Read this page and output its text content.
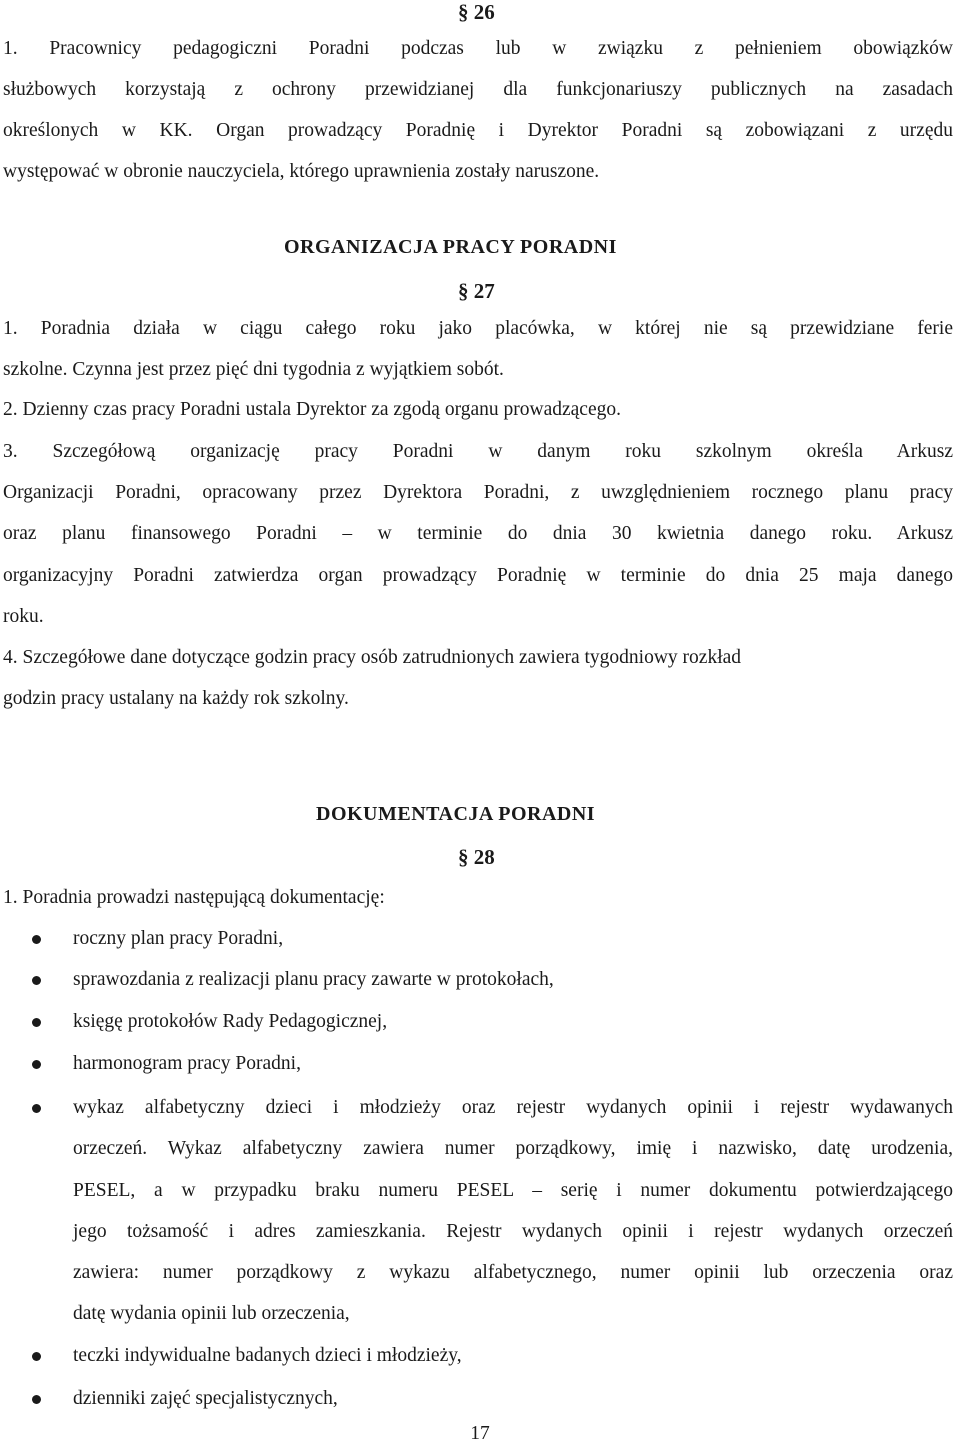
§ 26
1. Pracownicy pedagogiczni Poradni podczas lub w związku z pełnieniem obowiązków
służbowych korzystają z ochrony przewidzianej dla funkcjonariuszy publicznych na zasadach
określonych w KK. Organ prowadzący Poradnię i Dyrektor Poradni są zobowiązani z urzędu
występować w obronie nauczyciela, którego uprawnienia zostały naruszone.
ORGANIZACJA PRACY PORADNI
§ 27
1. Poradnia działa w ciągu całego roku jako placówka, w której nie są przewidziane ferie
szkolne. Czynna jest przez pięć dni tygodnia z wyjątkiem sobót.
2. Dzienny czas pracy Poradni ustala Dyrektor za zgodą organu prowadzącego.
3. Szczegółową organizację pracy Poradni w danym roku szkolnym określa Arkusz
Organizacji Poradni, opracowany przez Dyrektora Poradni, z uwzględnieniem rocznego planu pracy
oraz planu finansowego Poradni – w terminie do dnia 30 kwietnia danego roku. Arkusz
organizacyjny Poradni zatwierdza organ prowadzący Poradnię w terminie do dnia 25 maja danego
roku.
4. Szczegółowe dane dotyczące godzin pracy osób zatrudnionych zawiera tygodniowy rozkład
godzin pracy ustalany na każdy rok szkolny.
DOKUMENTACJA PORADNI
§ 28
1. Poradnia prowadzi następującą dokumentację:
roczny plan pracy Poradni,
sprawozdania z realizacji planu pracy zawarte w protokołach,
księgę protokołów Rady Pedagogicznej,
harmonogram pracy Poradni,
wykaz alfabetyczny dzieci i młodzieży oraz rejestr wydanych opinii i rejestr wydawanych
orzeczeń. Wykaz alfabetyczny zawiera numer porządkowy, imię i nazwisko, datę urodzenia,
PESEL, a w przypadku braku numeru PESEL – serię i numer dokumentu potwierdzającego
jego tożsamość i adres zamieszkania. Rejestr wydanych opinii i rejestr wydanych orzeczeń
zawiera: numer porządkowy z wykazu alfabetycznego, numer opinii lub orzeczenia oraz
datę wydania opinii lub orzeczenia,
teczki indywidualne badanych dzieci i młodzieży,
dzienniki zajęć specjalistycznych,
17
